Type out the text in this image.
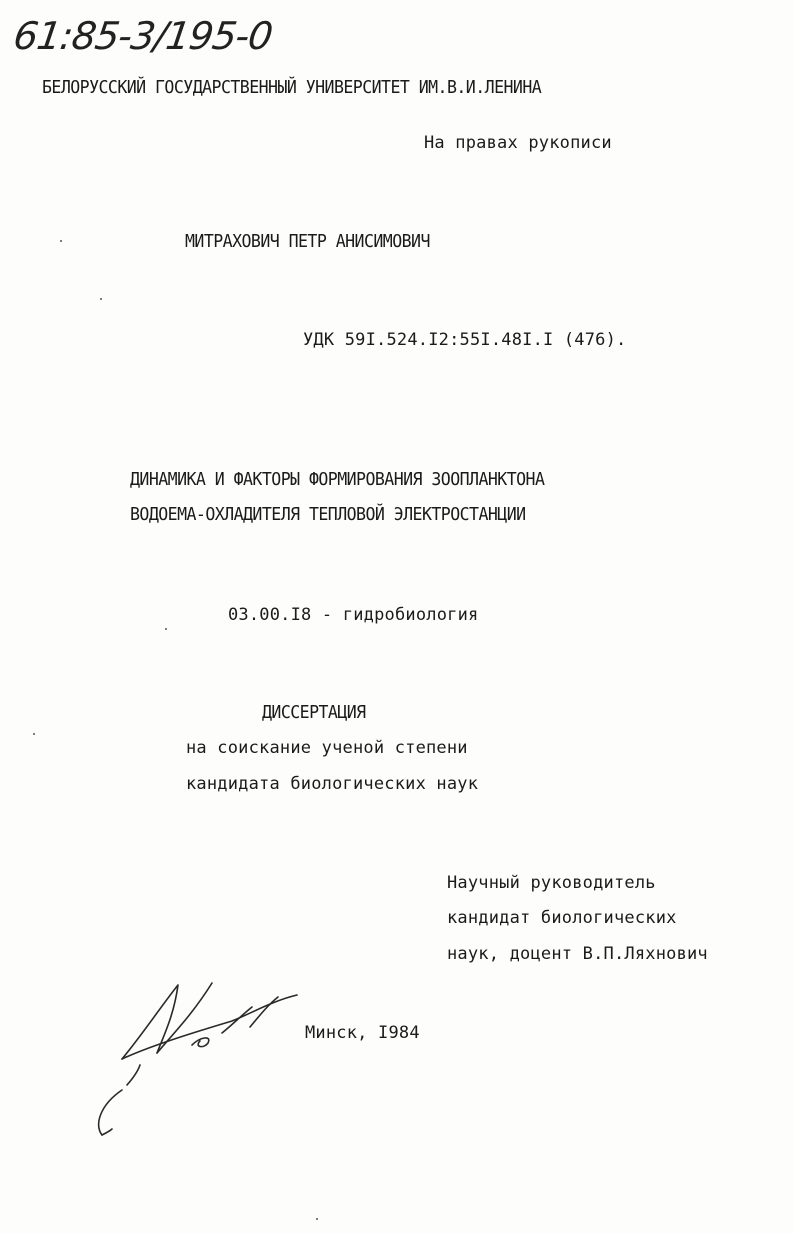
61:85-3/195-0
БЕЛОРУССКИЙ ГОСУДАРСТВЕННЫЙ УНИВЕРСИТЕТ ИМ.В.И.ЛЕНИНА
На правах рукописи
МИТРАХОВИЧ ПЕТР АНИСИМОВИЧ
УДК 59I.524.I2:55I.48I.I (476).
ДИНАМИКА И ФАКТОРЫ ФОРМИРОВАНИЯ ЗООПЛАНКТОНА
ВОДОЕМА-ОХЛАДИТЕЛЯ ТЕПЛОВОЙ ЭЛЕКТРОСТАНЦИИ
03.00.I8 - гидробиология
ДИССЕРТАЦИЯ
на соискание ученой степени
кандидата биологических наук
Научный руководитель
кандидат биологических
наук, доцент В.П.Ляхнович
Минск, I984
